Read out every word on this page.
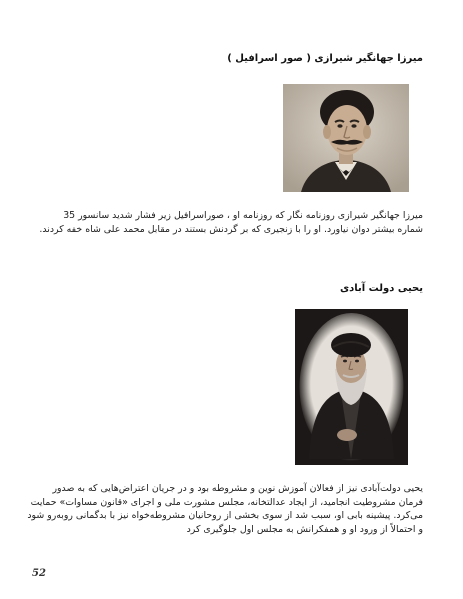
میرزا جهانگیر شیرازی ( صور اسرافیل )
میرزا جهانگیر شیرازی روزنامه نگار که روزنامه او ، صوراسرافیل زیر فشار شدید سانسور 35
شماره بیشتر دوان نیاورد. او را با زنجیری که بر گردنش بستند در مقابل محمد علی شاه خفه کردند.
یحیی دولت آبادی
یحیی دولت‌آبادی نیز از فعالان آموزش نوین و مشروطه بود و در جریان اعتراض‌هایی که به صدور
فرمان مشروطیت انجامید، از ایجاد عدالتخانه، مجلس مشورت ملی و اجرای «قانون مساوات» حمایت
می‌کرد. پیشینه بابی او، سبب شد از سوی بخشی از روحانیان مشروطه‌خواه نیز با بدگمانی روبه‌رو شود
و احتمالاً از ورود او و همفکرانش به مجلس اول جلوگیری کرد
52
